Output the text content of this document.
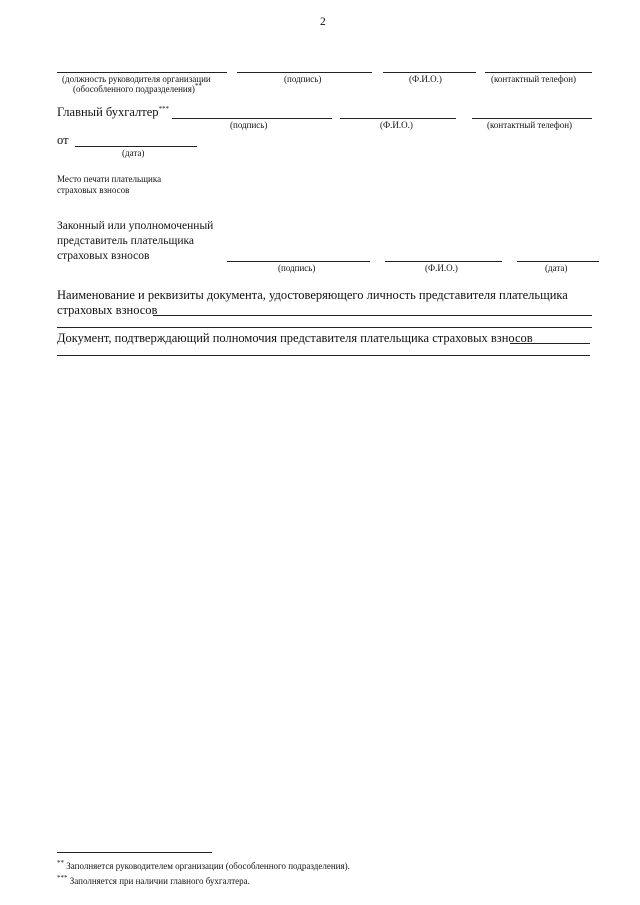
2
(должность руководителя организации
(обособленного подразделения)**
(подпись)	(Ф.И.О.)	(контактный телефон)
Главный бухгалтер***
(подпись)	(Ф.И.О.)	(контактный телефон)
от
(дата)
Место печати плательщика
страховых взносов
Законный или уполномоченный
представитель плательщика
страховых взносов
(подпись)	(Ф.И.О.)	(дата)
Наименование и реквизиты документа, удостоверяющего личность представителя плательщика
страховых взносов
Документ, подтверждающий полномочия представителя плательщика страховых взносов
** Заполняется руководителем организации (обособленного подразделения).
*** Заполняется при наличии главного бухгалтера.
